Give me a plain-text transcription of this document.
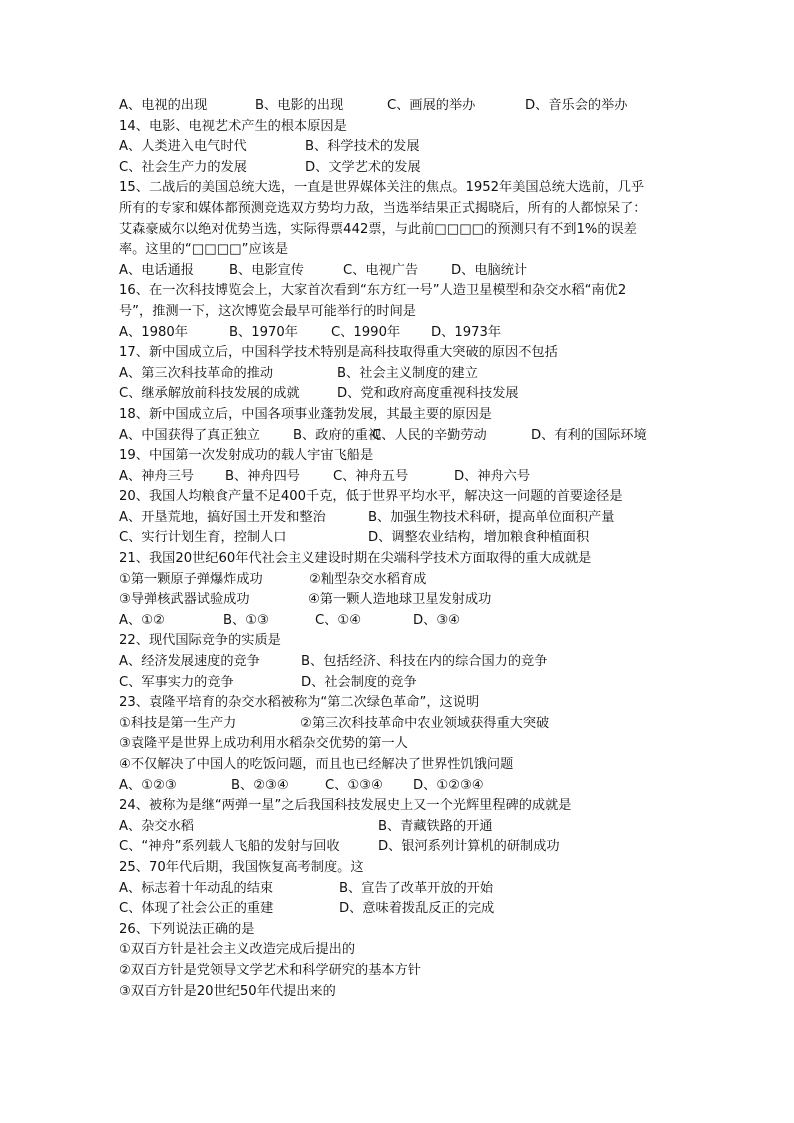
A、电视的出现	B、电影的出现	C、画展的举办	D、音乐会的举办
14、电影、电视艺术产生的根本原因是
A、人类进入电气时代	B、科学技术的发展
C、社会生产力的发展	D、文学艺术的发展
15、二战后的美国总统大选，一直是世界媒体关注的焦点。1952年美国总统大选前，几乎
所有的专家和媒体都预测竞选双方势均力敌，当选举结果正式揭晓后，所有的人都惊呆了：
艾森豪威尔以绝对优势当选，实际得票442票，与此前□□□□的预测只有不到1%的误差
率。这里的“□□□□”应该是
A、电话通报	B、电影宣传	C、电视广告 D、电脑统计
16、在一次科技博览会上，大家首次看到“东方红一号”人造卫星模型和杂交水稻“南优2
号”，推测一下，这次博览会最早可能举行的时间是
A、1980年	B、1970年	C、1990年 D、1973年
17、新中国成立后，中国科学技术特别是高科技取得重大突破的原因不包括
A、第三次科技革命的推动	B、社会主义制度的建立
C、继承解放前科技发展的成就	D、党和政府高度重视科技发展
18、新中国成立后，中国各项事业蓬勃发展，其最主要的原因是
A、中国获得了真正独立	B、政府的重视
C、人民的辛勤劳动	D、有利的国际环境
19、中国第一次发射成功的载人宇宙飞船是
A、神舟三号 B、神舟四号	C、神舟五号	D、神舟六号
20、我国人均粮食产量不足400千克，低于世界平均水平，解决这一问题的首要途径是
A、开垦荒地，搞好国土开发和整治	B、加强生物技术科研，提高单位面积产量
C、实行计划生育，控制人口	D、调整农业结构，增加粮食种植面积
21、我国20世纪60年代社会主义建设时期在尖端科学技术方面取得的重大成就是
①第一颗原子弹爆炸成功	②籼型杂交水稻育成
③导弹核武器试验成功	④第一颗人造地球卫星发射成功
A、①②	B、①③	C、①④	D、③④
22、现代国际竞争的实质是
A、经济发展速度的竞争	B、包括经济、科技在内的综合国力的竞争
C、军事实力的竞争	D、社会制度的竞争
23、袁隆平培育的杂交水稻被称为“第二次绿色革命”，这说明
①科技是第一生产力	②第三次科技革命中农业领域获得重大突破
③袁隆平是世界上成功利用水稻杂交优势的第一人
④不仅解决了中国人的吃饭问题，而且也已经解决了世界性饥饿问题
A、①②③	B、②③④	C、①③④ D、①②③④
24、被称为是继“两弹一星”之后我国科技发展史上又一个光辉里程碑的成就是
A、杂交水稻	B、青藏铁路的开通
C、“神舟”系列载人飞船的发射与回收	D、银河系列计算机的研制成功
25、70年代后期，我国恢复高考制度。这
A、标志着十年动乱的结束	B、宣告了改革开放的开始
C、体现了社会公正的重建	D、意味着拨乱反正的完成
26、下列说法正确的是
①双百方针是社会主义改造完成后提出的
②双百方针是党领导文学艺术和科学研究的基本方针
③双百方针是20世纪50年代提出来的
